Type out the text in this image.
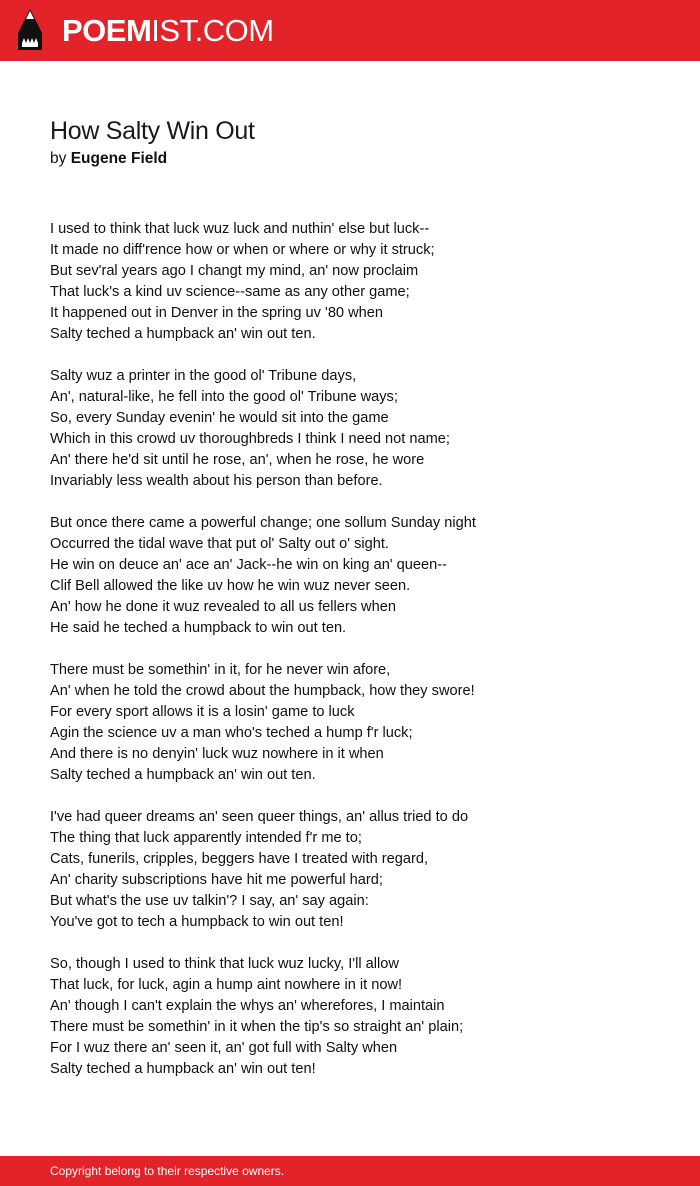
POEMIST.COM
How Salty Win Out
by Eugene Field
I used to think that luck wuz luck and nuthin' else but luck--
It made no diff'rence how or when or where or why it struck;
But sev'ral years ago I changt my mind, an' now proclaim
That luck's a kind uv science--same as any other game;
It happened out in Denver in the spring uv '80 when
Salty teched a humpback an' win out ten.
Salty wuz a printer in the good ol' Tribune days,
An', natural-like, he fell into the good ol' Tribune ways;
So, every Sunday evenin' he would sit into the game
Which in this crowd uv thoroughbreds I think I need not name;
An' there he'd sit until he rose, an', when he rose, he wore
Invariably less wealth about his person than before.
But once there came a powerful change; one sollum Sunday night
Occurred the tidal wave that put ol' Salty out o' sight.
He win on deuce an' ace an' Jack--he win on king an' queen--
Clif Bell allowed the like uv how he win wuz never seen.
An' how he done it wuz revealed to all us fellers when
He said he teched a humpback to win out ten.
There must be somethin' in it, for he never win afore,
An' when he told the crowd about the humpback, how they swore!
For every sport allows it is a losin' game to luck
Agin the science uv a man who's teched a hump f'r luck;
And there is no denyin' luck wuz nowhere in it when
Salty teched a humpback an' win out ten.
I've had queer dreams an' seen queer things, an' allus tried to do
The thing that luck apparently intended f'r me to;
Cats, funerils, cripples, beggers have I treated with regard,
An' charity subscriptions have hit me powerful hard;
But what's the use uv talkin'? I say, an' say again:
You've got to tech a humpback to win out ten!
So, though I used to think that luck wuz lucky, I'll allow
That luck, for luck, agin a hump aint nowhere in it now!
An' though I can't explain the whys an' wherefores, I maintain
There must be somethin' in it when the tip's so straight an' plain;
For I wuz there an' seen it, an' got full with Salty when
Salty teched a humpback an' win out ten!
Copyright belong to their respective owners.
